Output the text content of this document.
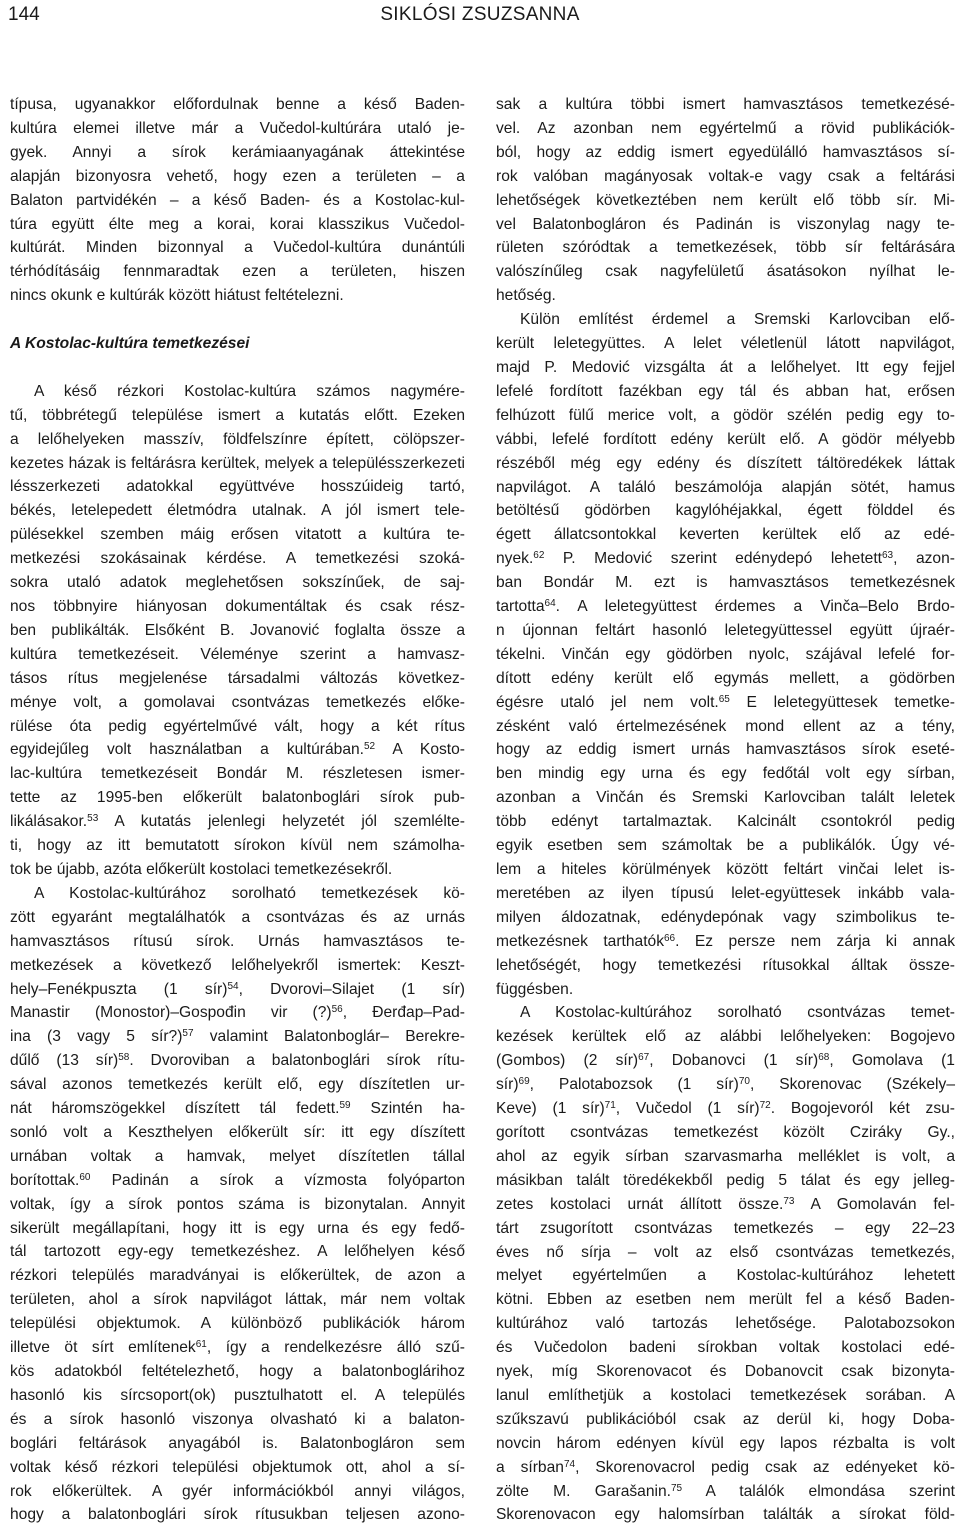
144	SIKLÓSI ZSUZSANNA
típusa, ugyanakkor előfordulnak benne a késő Baden-
kultúra elemei illetve már a Vučedol-kultúrára utaló je-
gyek. Annyi a sírok kerámiaanyagának áttekintése
alapján bizonyosra vehető, hogy ezen a területen – a
Balaton partvidékén – a késő Baden- és a Kostolac-kul-
túra együtt élte meg a korai, korai klasszikus Vučedol-
kultúrát. Minden bizonnyal a Vučedol-kultúra dunántúli
térhódításáig fennmaradtak ezen a területen, hiszen
nincs okunk e kultúrák között hiátust feltételezni.
A Kostolac-kultúra temetkezései
A késő rézkori Kostolac-kultúra számos nagymére-
tű, többrétegű települése ismert a kutatás előtt. Ezeken
a lelőhelyeken masszív, földfelszínre épített, cölöpszer-
kezetes házak is feltárásra kerültek, melyek a településszerkezeti
lésszerkezeti adatokkal együttvéve hosszúideig tartó,
békés, letelepedett életmódra utalnak. A jól ismert tele-
pülésekkel szemben máig erősen vitatott a kultúra te-
metkezési szokásainak kérdése. A temetkezési szoká-
sokra utaló adatok meglehetősen sokszínűek, de saj-
nos többnyire hiányosan dokumentáltak és csak rész-
ben publikálták. Elsőként B. Jovanović foglalta össze a
kultúra temetkezéseit. Véleménye szerint a hamvasz-
tásos rítus megjelenése társadalmi változás következ-
ménye volt, a gomolavai csontvázas temetkezés előke-
rülése óta pedig egyértelművé vált, hogy a két rítus
egyidejűleg volt használatban a kultúrában.$^{52}$ A Kosto-
lac-kultúra temetkezéseit Bondár M. részletesen ismer-
tette az 1995-ben előkerült balatonboglári sírok pub-
likálásakor.$^{53}$ A kutatás jelenlegi helyzetét jól szemlélte-
ti, hogy az itt bemutatott sírokon kívül nem számolha-
tok be újabb, azóta előkerült kostolaci temetkezésekről.
A Kostolac-kultúrához sorolható temetkezések kö-
zött egyaránt megtalálhatók a csontvázas és az urnás
hamvasztásos rítusú sírok. Urnás hamvasztásos te-
metkezések a következő lelőhelyekről ismertek: Keszt-
hely–Fenékpuszta (1 sír)$^{54}$, Dvorovi–Silajet (1 sír)
Manastir (Monostor)–Gospođin vir (?)$^{56}$, Đerđap–Pad-
ina (3 vagy 5 sír?)$^{57}$ valamint Balatonboglár– Berekre-
dűlő (13 sír)$^{58}$. Dvoroviban a balatonboglári sírok rítu-
sával azonos temetkezés került elő, egy díszítetlen ur-
nát háromszögekkel díszített tál fedett.$^{59}$ Szintén ha-
sonló volt a Keszthelyen előkerült sír: itt egy díszített
urnában voltak a hamvak, melyet díszítetlen tállal
borítottak.$^{60}$ Padinán a sírok a vízmosta folyóparton
voltak, így a sírok pontos száma is bizonytalan. Annyit
sikerült megállapítani, hogy itt is egy urna és egy fedő-
tál tartozott egy-egy temetkezéshez. A lelőhelyen késő
rézkori település maradványai is előkerültek, de azon a
területen, ahol a sírok napvilágot láttak, már nem voltak
települési objektumok. A különböző publikációk három
illetve öt sírt említenek$^{61}$, így a rendelkezésre álló szű-
kös adatokból feltételezhető, hogy a balatonboglárihoz
hasonló kis sírcsoport(ok) pusztulhatott el. A település
és a sírok hasonló viszonya olvasható ki a balaton-
boglári feltárások anyagából is. Balatonbogláron sem
voltak késő rézkori települési objektumok ott, ahol a sí-
rok előkerültek. A gyér információkból annyi világos,
hogy a balatonboglári sírok rítusukban teljesen azono-
sak a kultúra többi ismert hamvasztásos temetkezésé-
vel. Az azonban nem egyértelmű a rövid publikációk-
ból, hogy az eddig ismert egyedülálló hamvasztásos sí-
rok valóban magányosak voltak-e vagy csak a feltárási
lehetőségek következtében nem került elő több sír. Mi-
vel Balatonbogláron és Padinán is viszonylag nagy te-
rületen szóródtak a temetkezések, több sír feltárására
valószínűleg csak nagyfelületű ásatásokon nyílhat le-
hetőség.
Külön említést érdemel a Sremski Karlovciban elő-
került leletegyüttes. A lelet véletlenül látott napvilágot,
majd P. Medović vizsgálta át a lelőhelyet. Itt egy fejjel
lefelé fordított fazékban egy tál és abban hat, erősen
felhúzott fülű merice volt, a gödör szélén pedig egy to-
vábbi, lefelé fordított edény került elő. A gödör mélyebb
részéből még egy edény és díszített táltöredékek láttak
napvilágot. A találó beszámolója alapján sötét, hamus
betöltésű gödörben kagylóhéjakkal, égett földdel és
égett állatcsontokkal keverten kerültek elő az edé-
nyek.$^{62}$ P. Medović szerint edénydepó lehetett$^{63}$, azon-
ban Bondár M. ezt is hamvasztásos temetkezésnek
tartotta$^{64}$. A leletegyüttest érdemes a Vinča–Belo Brdo-
n újonnan feltárt hasonló leletegyüttessel együtt újraér-
tékelni. Vinčán egy gödörben nyolc, szájával lefelé for-
dított edény került elő egymás mellett, a gödörben
égésre utaló jel nem volt.$^{65}$ E leletegyüttesek temetke-
zésként való értelmezésének mond ellent az a tény,
hogy az eddig ismert urnás hamvasztásos sírok eseté-
ben mindig egy urna és egy fedőtál volt egy sírban,
azonban a Vinčán és Sremski Karlovciban talált leletek
több edényt tartalmaztak. Kalcinált csontokról pedig
egyik esetben sem számoltak be a publikálók. Úgy vé-
lem a hiteles körülmények között feltárt vinčai lelet is-
meretében az ilyen típusú lelet-együttesek inkább vala-
milyen áldozatnak, edénydepónak vagy szimbolikus te-
metkezésnek tarthatók$^{66}$. Ez persze nem zárja ki annak
lehetőségét, hogy temetkezési rítusokkal álltak össze-
függésben.
A Kostolac-kultúrához sorolható csontvázas temet-
kezések kerültek elő az alábbi lelőhelyeken: Bogojevo
(Gombos) (2 sír)$^{67}$, Dobanovci (1 sír)$^{68}$, Gomolava (1
sír)$^{69}$, Palotabozsok (1 sír)$^{70}$, Skorenovac (Székely–
Keve) (1 sír)$^{71}$, Vučedol (1 sír)$^{72}$. Bogojevoról két zsu-
gorított csontvázas temetkezést közölt Cziráky Gy.,
ahol az egyik sírban szarvasmarha melléklet is volt, a
másikban talált töredékekből pedig 5 tálat és egy jelleg-
zetes kostolaci urnát állított össze.$^{73}$ A Gomolaván fel-
tárt zsugorított csontvázas temetkezés – egy 22–23
éves nő sírja – volt az első csontvázas temetkezés,
melyet egyértelműen a Kostolac-kultúrához lehetett
kötni. Ebben az esetben nem merült fel a késő Baden-
kultúrához való tartozás lehetősége. Palotabozsokon
és Vučedolon badeni sírokban voltak kostolaci edé-
nyek, míg Skorenovacot és Dobanovcit csak bizonyta-
lanul említhetjük a kostolaci temetkezések sorában. A
szűkszavú publikációból csak az derül ki, hogy Doba-
novcin három edényen kívül egy lapos rézbalta is volt
a sírban$^{74}$, Skorenovacrol pedig csak az edényeket kö-
zölte M. Garašanin.$^{75}$ A találók elmondása szerint
Skorenovacon egy halomsírban találták a sírokat föld-
